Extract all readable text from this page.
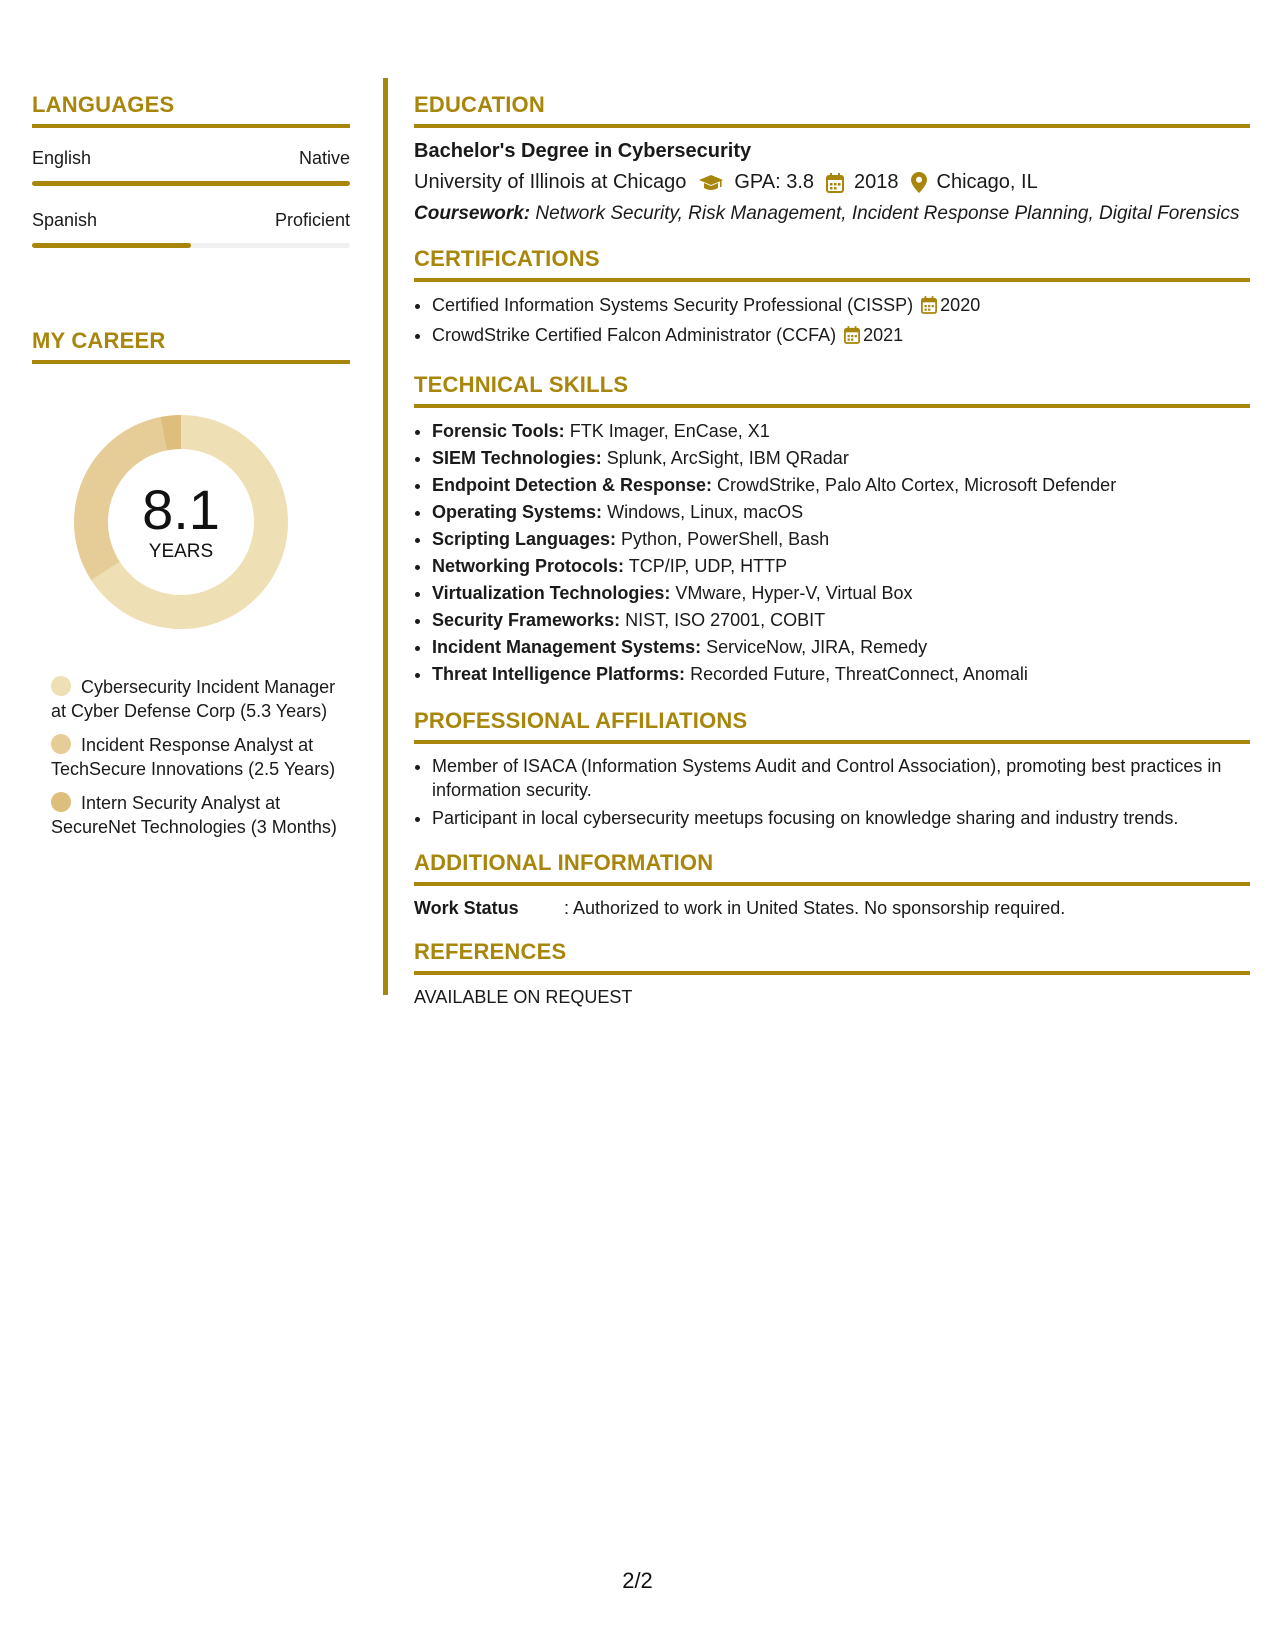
LANGUAGES
English	Native
Spanish	Proficient
MY CAREER
8.1
YEARS
Cybersecurity Incident Manager at Cyber Defense Corp (5.3 Years)
Incident Response Analyst at TechSecure Innovations (2.5 Years)
Intern Security Analyst at SecureNet Technologies (3 Months)
EDUCATION
Bachelor's Degree in Cybersecurity
University of Illinois at Chicago GPA: 3.8 2018 Chicago, IL
Coursework: Network Security, Risk Management, Incident Response Planning, Digital Forensics
CERTIFICATIONS
• Certified Information Systems Security Professional (CISSP) 2020
• CrowdStrike Certified Falcon Administrator (CCFA) 2021
TECHNICAL SKILLS
• Forensic Tools: FTK Imager, EnCase, X1
• SIEM Technologies: Splunk, ArcSight, IBM QRadar
• Endpoint Detection & Response: CrowdStrike, Palo Alto Cortex, Microsoft Defender
• Operating Systems: Windows, Linux, macOS
• Scripting Languages: Python, PowerShell, Bash
• Networking Protocols: TCP/IP, UDP, HTTP
• Virtualization Technologies: VMware, Hyper-V, Virtual Box
• Security Frameworks: NIST, ISO 27001, COBIT
• Incident Management Systems: ServiceNow, JIRA, Remedy
• Threat Intelligence Platforms: Recorded Future, ThreatConnect, Anomali
PROFESSIONAL AFFILIATIONS
• Member of ISACA (Information Systems Audit and Control Association), promoting best practices in information security.
• Participant in local cybersecurity meetups focusing on knowledge sharing and industry trends.
ADDITIONAL INFORMATION
Work Status	: Authorized to work in United States. No sponsorship required.
REFERENCES
AVAILABLE ON REQUEST
2/2
